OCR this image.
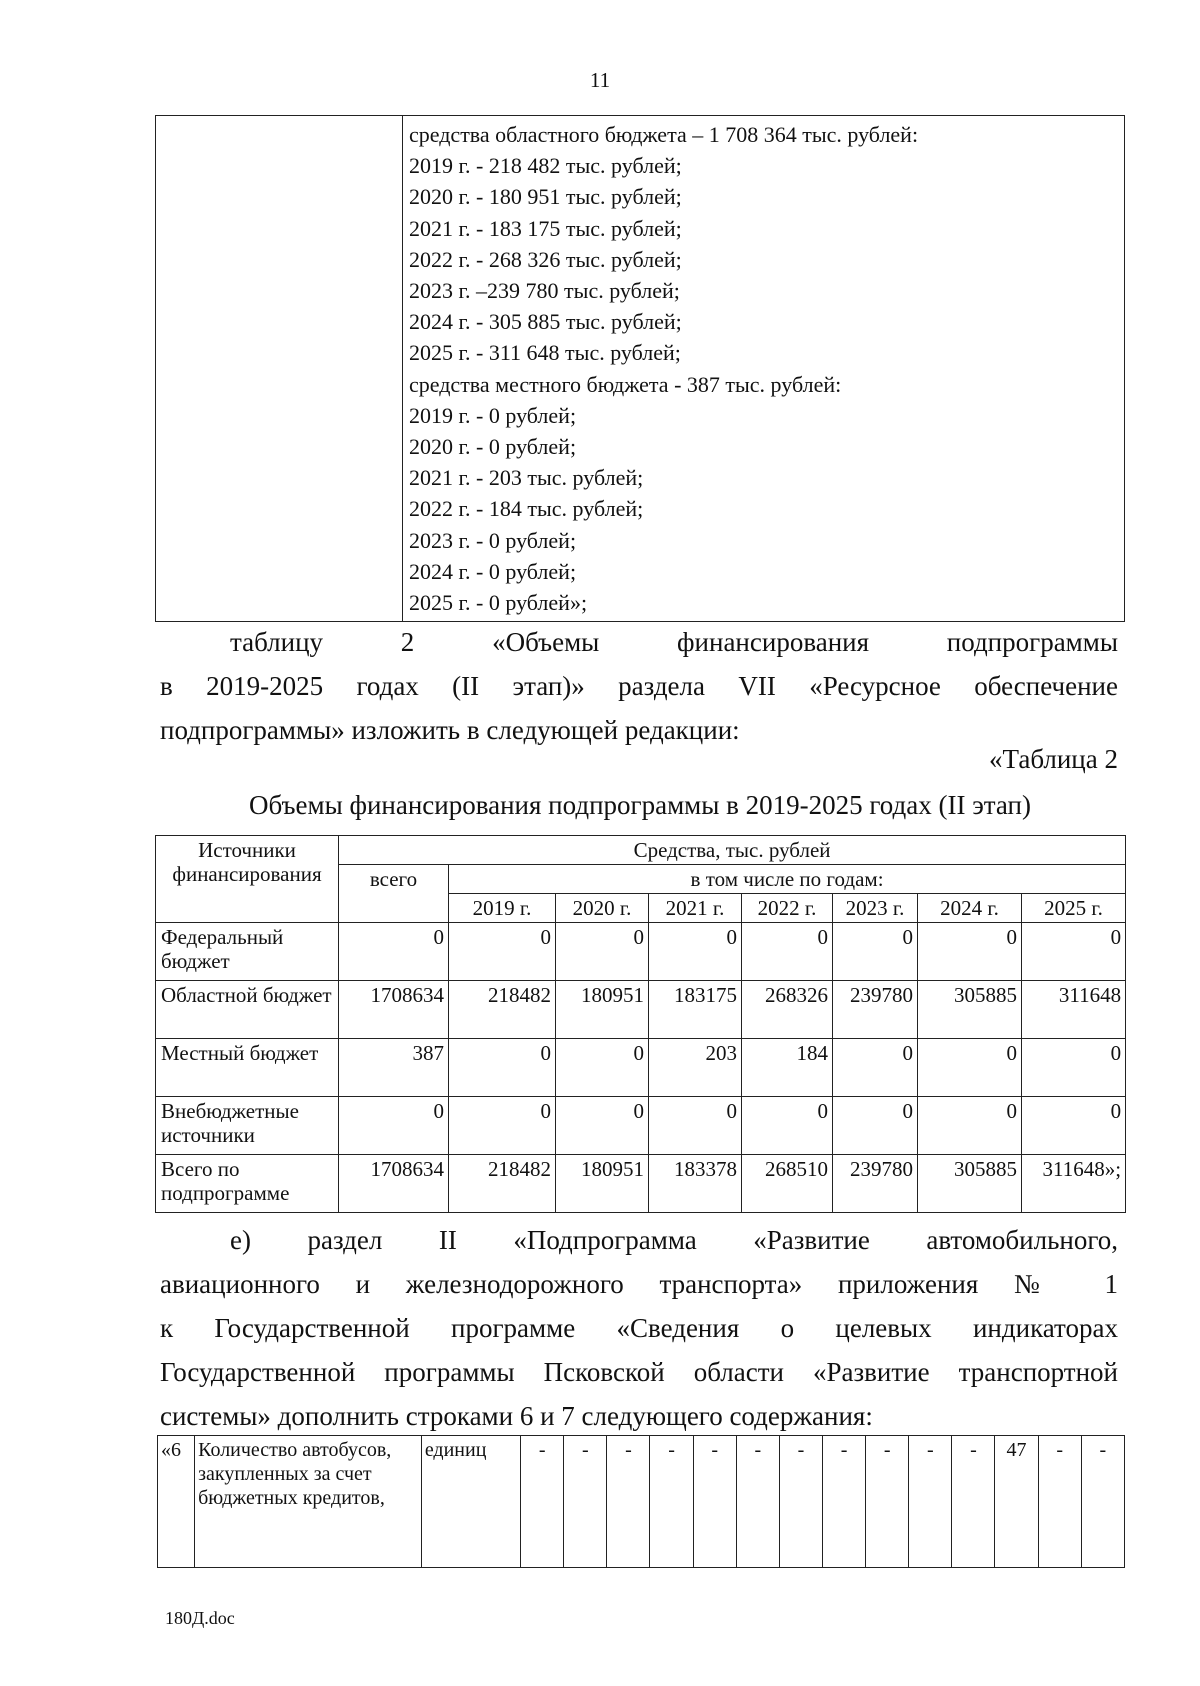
11

средства областного бюджета – 1 708 364 тыс. рублей:
2019 г. - 218 482 тыс. рублей;
2020 г. - 180 951 тыс. рублей;
2021 г. - 183 175 тыс. рублей;
2022 г. - 268 326 тыс. рублей;
2023 г. –239 780 тыс. рублей;
2024 г. - 305 885 тыс. рублей;
2025 г. - 311 648 тыс. рублей;
средства местного бюджета - 387 тыс. рублей:
2019 г. - 0 рублей;
2020 г. - 0 рублей;
2021 г. - 203 тыс. рублей;
2022 г. - 184 тыс. рублей;
2023 г. - 0 рублей;
2024 г. - 0 рублей;
2025 г. - 0 рублей»;
таблицу 2 «Объемы финансирования подпрограммы
в 2019-2025 годах (II этап)» раздела VII «Ресурсное обеспечение
подпрограммы» изложить в следующей редакции:
«Таблица 2
Объемы финансирования подпрограммы в 2019-2025 годах (II этап)
Источники финансирования	Средства, тыс. рублей							
	всего	в том числе по годам:						
		2019 г.	2020 г.	2021 г.	2022 г.	2023 г.	2024 г.	2025 г.
Федеральный бюджет	0	0	0	0	0	0	0	0
Областной бюджет	1708634	218482	180951	183175	268326	239780	305885	311648
Местный бюджет	387	0	0	203	184	0	0	0
Внебюджетные источники	0	0	0	0	0	0	0	0
Всего по подпрограмме	1708634	218482	180951	183378	268510	239780	305885	311648»;
е) раздел II «Подпрограмма «Развитие автомобильного,
авиационного и железнодорожного транспорта» приложения № 1
к Государственной программе «Сведения о целевых индикаторах
Государственной программы Псковской области «Развитие транспортной
системы» дополнить строками 6 и 7 следующего содержания:
«6	Количество автобусов, закупленных за счет бюджетных кредитов,	единиц	-	-	-	-	-	-	-	-	-	-	-	47	-	-
180Д.doc
